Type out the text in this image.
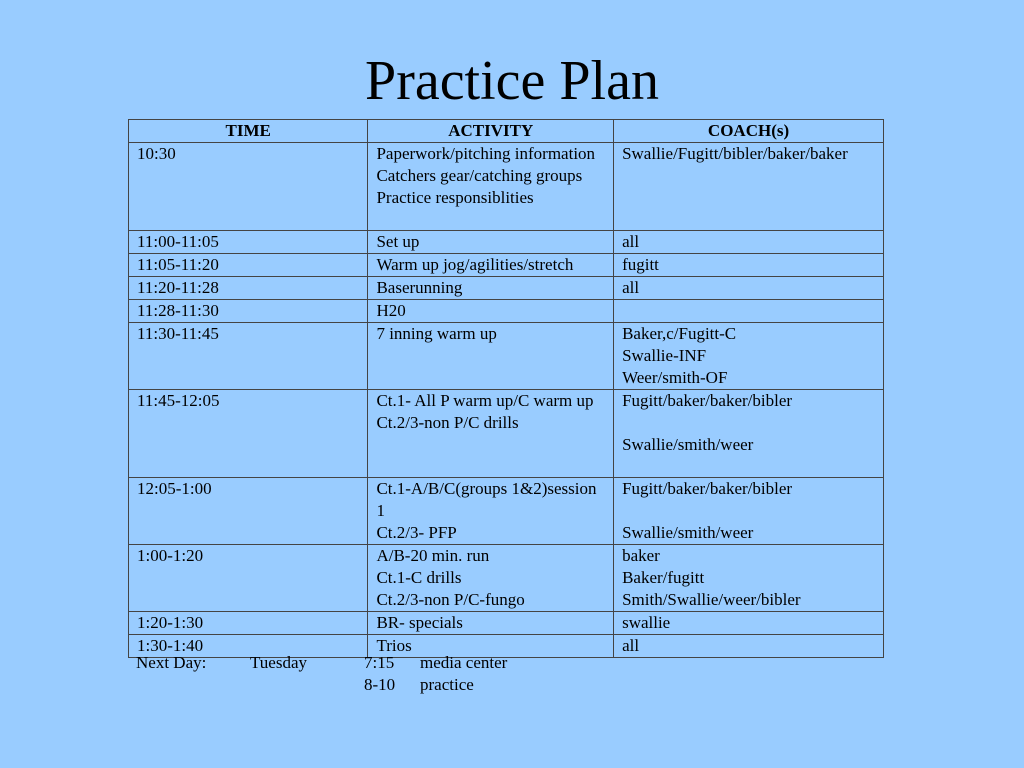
Practice Plan
TIME	ACTIVITY	COACH(s)

10:30	Paperwork/pitching information
Catchers gear/catching groups
Practice responsiblities	Swallie/Fugitt/bibler/baker/baker

11:00-11:05	Set up	all

11:05-11:20	Warm up jog/agilities/stretch	fugitt

11:20-11:28	Baserunning	all

11:28-11:30	H20	

11:30-11:45	7 inning warm up	Baker,c/Fugitt-C
Swallie-INF
Weer/smith-OF

11:45-12:05	Ct.1- All P warm up/C warm up
Ct.2/3-non P/C drills	Fugitt/baker/baker/bibler
Swallie/smith/weer

12:05-1:00	Ct.1-A/B/C(groups 1&2)session 1
Ct.2/3- PFP	Fugitt/baker/baker/bibler
Swallie/smith/weer

1:00-1:20	A/B-20 min. run
Ct.1-C drills
Ct.2/3-non P/C-fungo	baker
Baker/fugitt
Smith/Swallie/weer/bibler

1:20-1:30	BR- specials	swallie

1:30-1:40	Trios	all
Next Day:	Tuesday	7:15 media center
8-10 practice
